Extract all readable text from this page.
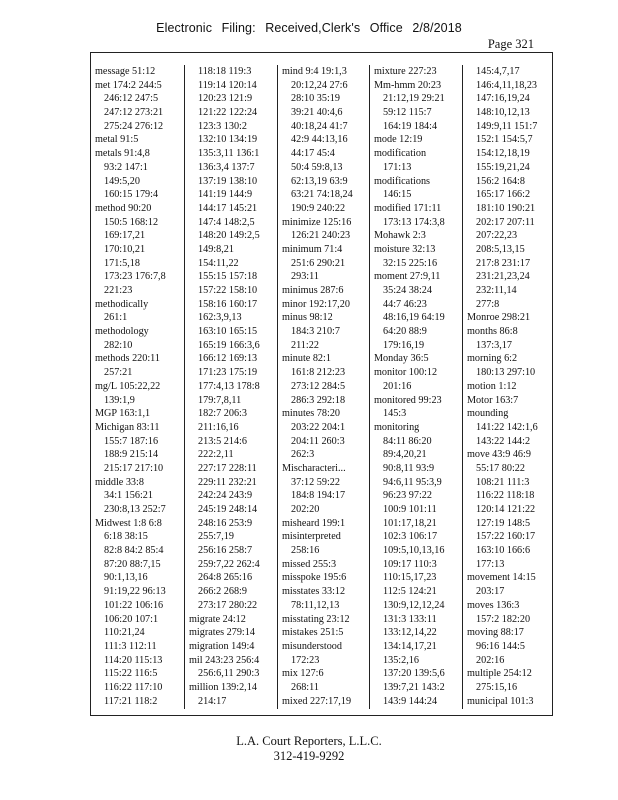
Electronic Filing: Received,Clerk's Office 2/8/2018
Page 321
message 51:12
met 174:2 244:5
246:12 247:5
247:12 273:21
275:24 276:12
metal 91:5
metals 91:4,8
93:2 147:1
149:5,20
160:15 179:4
method 90:20
150:5 168:12
169:17,21
170:10,21
171:5,18
173:23 176:7,8
221:23
methodically
261:1
methodology
282:10
methods 220:11
257:21
mg/L 105:22,22
139:1,9
MGP 163:1,1
Michigan 83:11
155:7 187:16
188:9 215:14
215:17 217:10
middle 33:8
34:1 156:21
230:8,13 252:7
Midwest 1:8 6:8
6:18 38:15
82:8 84:2 85:4
87:20 88:7,15
90:1,13,16
91:19,22 96:13
101:22 106:16
106:20 107:1
110:21,24
111:3 112:11
114:20 115:13
115:22 116:5
116:22 117:10
117:21 118:2
118:18 119:3
119:14 120:14
120:23 121:9
121:22 122:24
123:3 130:2
132:10 134:19
135:3,11 136:1
136:3,4 137:7
137:19 138:10
141:19 144:9
144:17 145:21
147:4 148:2,5
148:20 149:2,5
149:8,21
154:11,22
155:15 157:18
157:22 158:10
158:16 160:17
162:3,9,13
163:10 165:15
165:19 166:3,6
166:12 169:13
171:23 175:19
177:4,13 178:8
179:7,8,11
182:7 206:3
211:16,16
213:5 214:6
222:2,11
227:17 228:11
229:11 232:21
242:24 243:9
245:19 248:14
248:16 253:9
255:7,19
256:16 258:7
259:7,22 262:4
264:8 265:16
266:2 268:9
273:17 280:22
migrate 24:12
migrates 279:14
migration 149:4
mil 243:23 256:4
256:6,11 290:3
million 139:2,14
214:17
mind 9:4 19:1,3
20:12,24 27:6
28:10 35:19
39:21 40:4,6
40:18,24 41:7
42:9 44:13,16
44:17 45:4
50:4 59:8,13
62:13,19 63:9
63:21 74:18,24
190:9 240:22
minimize 125:16
126:21 240:23
minimum 71:4
251:6 290:21
293:11
minimus 287:6
minor 192:17,20
minus 98:12
184:3 210:7
211:22
minute 82:1
161:8 212:23
273:12 284:5
286:3 292:18
minutes 78:20
203:22 204:1
204:11 260:3
262:3
Mischaracteri...
37:12 59:22
184:8 194:17
202:20
misheard 199:1
misinterpreted
258:16
missed 255:3
misspoke 195:6
misstates 33:12
78:11,12,13
misstating 23:12
mistakes 251:5
misunderstood
172:23
mix 127:6
268:11
mixed 227:17,19
mixture 227:23
Mm-hmm 20:23
21:12,19 29:21
59:12 115:7
164:19 184:4
mode 12:19
modification
171:13
modifications
146:15
modified 171:11
173:13 174:3,8
Mohawk 2:3
moisture 32:13
32:15 225:16
moment 27:9,11
35:24 38:24
44:7 46:23
48:16,19 64:19
64:20 88:9
179:16,19
Monday 36:5
monitor 100:12
201:16
monitored 99:23
145:3
monitoring
84:11 86:20
89:4,20,21
90:8,11 93:9
94:6,11 95:3,9
96:23 97:22
100:9 101:11
101:17,18,21
102:3 106:17
109:5,10,13,16
109:17 110:3
110:15,17,23
112:5 124:21
130:9,12,12,24
131:3 133:11
133:12,14,22
134:14,17,21
135:2,16
137:20 139:5,6
139:7,21 143:2
143:9 144:24
145:4,7,17
146:4,11,18,23
147:16,19,24
148:10,12,13
149:9,11 151:7
152:1 154:5,7
154:12,18,19
155:19,21,24
156:2 164:8
165:17 166:2
181:10 190:21
202:17 207:11
207:22,23
208:5,13,15
217:8 231:17
231:21,23,24
232:11,14
277:8
Monroe 298:21
months 86:8
137:3,17
morning 6:2
180:13 297:10
motion 1:12
Motor 163:7
mounding
141:22 142:1,6
143:22 144:2
move 43:9 46:9
55:17 80:22
108:21 111:3
116:22 118:18
120:14 121:22
127:19 148:5
157:22 160:17
163:10 166:6
177:13
movement 14:15
203:17
moves 136:3
157:2 182:20
moving 88:17
96:16 144:5
202:16
multiple 254:12
275:15,16
municipal 101:3
L.A. Court Reporters, L.L.C.
312-419-9292
